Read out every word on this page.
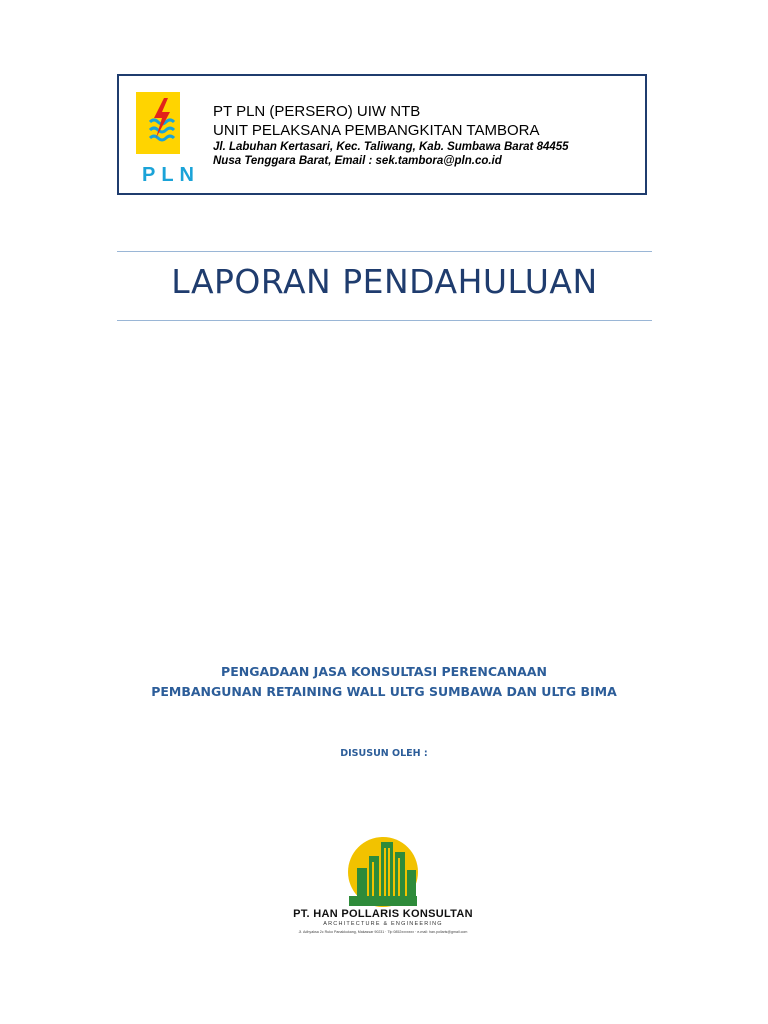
PLN
PT PLN (PERSERO) UIW NTB
UNIT PELAKSANA PEMBANGKITAN TAMBORA
Jl. Labuhan Kertasari, Kec. Taliwang, Kab. Sumbawa Barat 84455
Nusa Tenggara Barat, Email : sek.tambora@pln.co.id
LAPORAN PENDAHULUAN
PENGADAAN JASA KONSULTASI PERENCANAAN
PEMBANGUNAN RETAINING WALL ULTG SUMBAWA DAN ULTG BIMA
DISUSUN OLEH :
PT. HAN POLLARIS KONSULTAN
ARCHITECTURE & ENGINEERING
Jl. Adhyaksa 2c Ruko Panakkukang, Makassar 90231 · Tlp 0852xxxxxxx · e-mail: han.pollaris@gmail.com
